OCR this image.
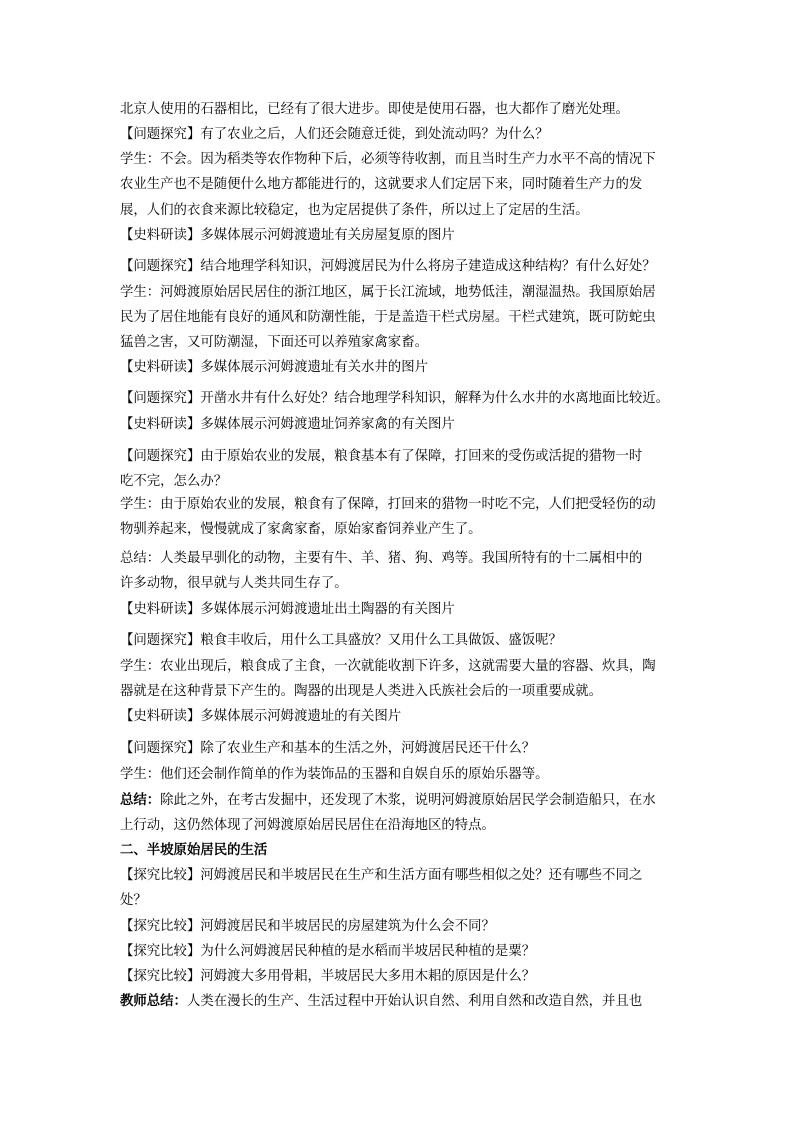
北京人使用的石器相比，已经有了很大进步。即使是使用石器，也大都作了磨光处理。
【问题探究】有了农业之后，人们还会随意迁徙，到处流动吗？为什么？
学生：不会。因为稻类等农作物种下后，必须等待收割，而且当时生产力水平不高的情况下
农业生产也不是随便什么地方都能进行的，这就要求人们定居下来，同时随着生产力的发
展，人们的衣食来源比较稳定，也为定居提供了条件，所以过上了定居的生活。
【史料研读】多媒体展示河姆渡遗址有关房屋复原的图片
【问题探究】结合地理学科知识，河姆渡居民为什么将房子建造成这种结构？有什么好处？
学生：河姆渡原始居民居住的浙江地区，属于长江流域，地势低洼，潮湿温热。我国原始居
民为了居住地能有良好的通风和防潮性能，于是盖造干栏式房屋。干栏式建筑，既可防蛇虫
猛兽之害，又可防潮湿，下面还可以养殖家禽家畜。
【史料研读】多媒体展示河姆渡遗址有关水井的图片
【问题探究】开凿水井有什么好处？结合地理学科知识，解释为什么水井的水离地面比较近。
【史料研读】多媒体展示河姆渡遗址饲养家禽的有关图片
【问题探究】由于原始农业的发展，粮食基本有了保障，打回来的受伤或活捉的猎物一时
吃不完，怎么办？
学生：由于原始农业的发展，粮食有了保障，打回来的猎物一时吃不完，人们把受轻伤的动
物驯养起来，慢慢就成了家禽家畜，原始家畜饲养业产生了。
总结：人类最早驯化的动物，主要有牛、羊、猪、狗、鸡等。我国所特有的十二属相中的
许多动物，很早就与人类共同生存了。
【史料研读】多媒体展示河姆渡遗址出土陶器的有关图片
【问题探究】粮食丰收后，用什么工具盛放？又用什么工具做饭、盛饭呢？
学生：农业出现后，粮食成了主食，一次就能收割下许多，这就需要大量的容器、炊具，陶
器就是在这种背景下产生的。陶器的出现是人类进入氏族社会后的一项重要成就。
【史料研读】多媒体展示河姆渡遗址的有关图片
【问题探究】除了农业生产和基本的生活之外，河姆渡居民还干什么？
学生：他们还会制作简单的作为装饰品的玉器和自娱自乐的原始乐器等。
总结：除此之外，在考古发掘中，还发现了木浆，说明河姆渡原始居民学会制造船只，在水
上行动，这仍然体现了河姆渡原始居民居住在沿海地区的特点。
二、半坡原始居民的生活
【探究比较】河姆渡居民和半坡居民在生产和生活方面有哪些相似之处？还有哪些不同之
处？
【探究比较】河姆渡居民和半坡居民的房屋建筑为什么会不同？
【探究比较】为什么河姆渡居民种植的是水稻而半坡居民种植的是粟？
【探究比较】河姆渡大多用骨耜，半坡居民大多用木耜的原因是什么？
教师总结：人类在漫长的生产、生活过程中开始认识自然、利用自然和改造自然，并且也
